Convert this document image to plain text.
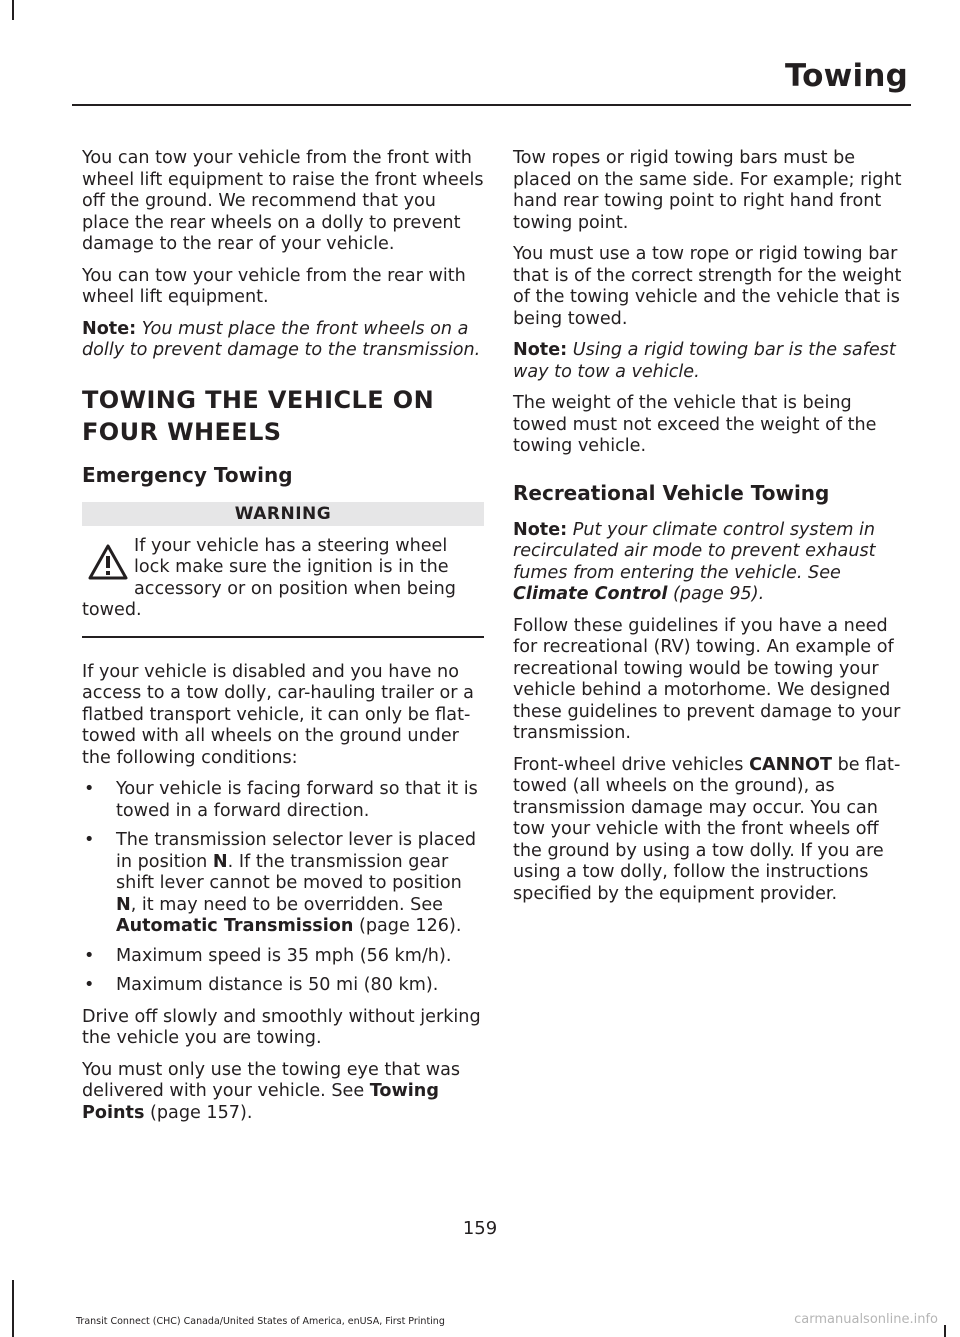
Towing

You can tow your vehicle from the front with wheel lift equipment to raise the front wheels off the ground. We recommend that you place the rear wheels on a dolly to prevent damage to the rear of your vehicle.

You can tow your vehicle from the rear with wheel lift equipment.

Note: You must place the front wheels on a dolly to prevent damage to the transmission.

TOWING THE VEHICLE ON
FOUR WHEELS
Emergency Towing
WARNING
If your vehicle has a steering wheel lock make sure the ignition is in the accessory or on position when being towed.

If your vehicle is disabled and you have no access to a tow dolly, car-hauling trailer or a flatbed transport vehicle, it can only be flat-towed with all wheels on the ground under the following conditions:

• Your vehicle is facing forward so that it is towed in a forward direction.
• The transmission selector lever is placed in position N. If the transmission gear shift lever cannot be moved to position N, it may need to be overridden. See Automatic Transmission (page 126).
• Maximum speed is 35 mph (56 km/h).
• Maximum distance is 50 mi (80 km).

Drive off slowly and smoothly without jerking the vehicle you are towing.

You must only use the towing eye that was delivered with your vehicle. See Towing Points (page 157).

Tow ropes or rigid towing bars must be placed on the same side. For example; right hand rear towing point to right hand front towing point.

You must use a tow rope or rigid towing bar that is of the correct strength for the weight of the towing vehicle and the vehicle that is being towed.

Note: Using a rigid towing bar is the safest way to tow a vehicle.

The weight of the vehicle that is being towed must not exceed the weight of the towing vehicle.

Recreational Vehicle Towing

Note: Put your climate control system in recirculated air mode to prevent exhaust fumes from entering the vehicle. See Climate Control (page 95).

Follow these guidelines if you have a need for recreational (RV) towing. An example of recreational towing would be towing your vehicle behind a motorhome. We designed these guidelines to prevent damage to your transmission.

Front-wheel drive vehicles CANNOT be flat-towed (all wheels on the ground), as transmission damage may occur. You can tow your vehicle with the front wheels off the ground by using a tow dolly. If you are using a tow dolly, follow the instructions specified by the equipment provider.

159
Transit Connect (CHC) Canada/United States of America, enUSA, First Printing	carmanualsonline.info
